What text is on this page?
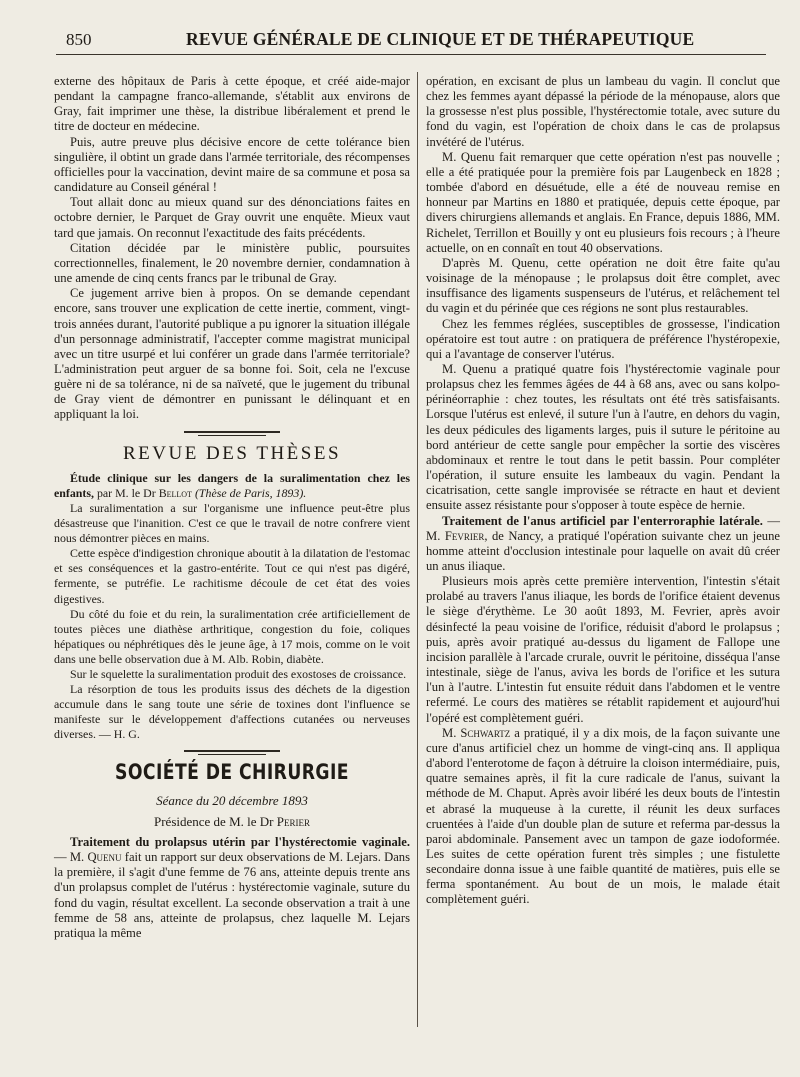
850	REVUE GÉNÉRALE DE CLINIQUE ET DE THÉRAPEUTIQUE

externe des hôpitaux de Paris à cette époque, et créé aide-major pendant la campagne franco-allemande, s'établit aux environs de Gray, fait imprimer une thèse, la distribue libéralement et prend le titre de docteur en médecine.

Puis, autre preuve plus décisive encore de cette tolérance bien singulière, il obtint un grade dans l'armée territoriale, des récompenses officielles pour la vaccination, devint maire de sa commune et posa sa candidature au Conseil général !

Tout allait donc au mieux quand sur des dénonciations faites en octobre dernier, le Parquet de Gray ouvrit une enquête. Mieux vaut tard que jamais. On reconnut l'exactitude des faits précédents.

Citation décidée par le ministère public, poursuites correctionnelles, finalement, le 20 novembre dernier, condamnation à une amende de cinq cents francs par le tribunal de Gray.

Ce jugement arrive bien à propos. On se demande cependant encore, sans trouver une explication de cette inertie, comment, vingt-trois années durant, l'autorité publique a pu ignorer la situation illégale d'un personnage administratif, l'accepter comme magistrat municipal avec un titre usurpé et lui conférer un grade dans l'armée territoriale? L'administration peut arguer de sa bonne foi. Soit, cela ne l'excuse guère ni de sa tolérance, ni de sa naïveté, que le jugement du tribunal de Gray vient de démontrer en punissant le délinquant et en appliquant la loi.

REVUE DES THÈSES

Étude clinique sur les dangers de la suralimentation chez les enfants, par M. le Dr Bellot (Thèse de Paris, 1893).

La suralimentation a sur l'organisme une influence peut-être plus désastreuse que l'inanition. C'est ce que le travail de notre confrere vient nous démontrer pièces en mains.

Cette espèce d'indigestion chronique aboutit à la dilatation de l'estomac et ses conséquences et la gastro-entérite. Tout ce qui n'est pas digéré, fermente, se putréfie. Le rachitisme découle de cet état des voies digestives.

Du côté du foie et du rein, la suralimentation crée artificiellement de toutes pièces une diathèse arthritique, congestion du foie, coliques hépatiques ou néphrétiques dès le jeune âge, à 17 mois, comme on le voit dans une belle observation due à M. Alb. Robin, diabète.

Sur le squelette la suralimentation produit des exostoses de croissance.

La résorption de tous les produits issus des déchets de la digestion accumule dans le sang toute une série de toxines dont l'influence se manifeste sur le développement d'affections cutanées ou nerveuses diverses. — H. G.

SOCIÉTÉ DE CHIRURGIE
Séance du 20 décembre 1893
Présidence de M. le Dr Perier

Traitement du prolapsus utérin par l'hystérectomie vaginale. — M. Quenu fait un rapport sur deux observations de M. Lejars. Dans la première, il s'agit d'une femme de 76 ans, atteinte depuis trente ans d'un prolapsus complet de l'utérus : hystérectomie vaginale, suture du fond du vagin, résultat excellent. La seconde observation a trait à une femme de 58 ans, atteinte de prolapsus, chez laquelle M. Lejars pratiqua la même

opération, en excisant de plus un lambeau du vagin. Il conclut que chez les femmes ayant dépassé la période de la ménopause, alors que la grossesse n'est plus possible, l'hystérectomie totale, avec suture du fond du vagin, est l'opération de choix dans le cas de prolapsus invétéré de l'utérus.

M. Quenu fait remarquer que cette opération n'est pas nouvelle ; elle a été pratiquée pour la première fois par Laugenbeck en 1828 ; tombée d'abord en désuétude, elle a été de nouveau remise en honneur par Martins en 1880 et pratiquée, depuis cette époque, par divers chirurgiens allemands et anglais. En France, depuis 1886, MM. Richelet, Terrillon et Bouilly y ont eu plusieurs fois recours ; à l'heure actuelle, on en connaît en tout 40 observations.

D'après M. Quenu, cette opération ne doit être faite qu'au voisinage de la ménopause ; le prolapsus doit être complet, avec insuffisance des ligaments suspenseurs de l'utérus, et relâchement tel du vagin et du périnée que ces régions ne sont plus restaurables.

Chez les femmes réglées, susceptibles de grossesse, l'indication opératoire est tout autre : on pratiquera de préférence l'hystéropexie, qui a l'avantage de conserver l'utérus.

M. Quenu a pratiqué quatre fois l'hystérectomie vaginale pour prolapsus chez les femmes âgées de 44 à 68 ans, avec ou sans kolpo-périnéorraphie : chez toutes, les résultats ont été très satisfaisants. Lorsque l'utérus est enlevé, il suture l'un à l'autre, en dehors du vagin, les deux pédicules des ligaments larges, puis il suture le péritoine au bord antérieur de cette sangle pour empêcher la sortie des viscères abdominaux et rentre le tout dans le petit bassin. Pour compléter l'opération, il suture ensuite les lambeaux du vagin. Pendant la cicatrisation, cette sangle improvisée se rétracte en haut et devient ensuite assez résistante pour s'opposer à toute espèce de hernie.

Traitement de l'anus artificiel par l'enterroraphie latérale. — M. Fevrier, de Nancy, a pratiqué l'opération suivante chez un jeune homme atteint d'occlusion intestinale pour laquelle on avait dû créer un anus iliaque.

Plusieurs mois après cette première intervention, l'intestin s'était prolabé au travers l'anus iliaque, les bords de l'orifice étaient devenus le siège d'érythème. Le 30 août 1893, M. Fevrier, après avoir désinfecté la peau voisine de l'orifice, réduisit d'abord le prolapsus ; puis, après avoir pratiqué au-dessus du ligament de Fallope une incision parallèle à l'arcade crurale, ouvrit le péritoine, disséqua l'anse intestinale, siège de l'anus, aviva les bords de l'orifice et les sutura l'un à l'autre. L'intestin fut ensuite réduit dans l'abdomen et le ventre refermé. Le cours des matières se rétablit rapidement et aujourd'hui l'opéré est complètement guéri.

M. Schwartz a pratiqué, il y a dix mois, de la façon suivante une cure d'anus artificiel chez un homme de vingt-cinq ans. Il appliqua d'abord l'enterotome de façon à détruire la cloison intermédiaire, puis, quatre semaines après, il fit la cure radicale de l'anus, suivant la méthode de M. Chaput. Après avoir libéré les deux bouts de l'intestin et abrasé la muqueuse à la curette, il réunit les deux surfaces cruentées à l'aide d'un double plan de suture et referma par-dessus la paroi abdominale. Pansement avec un tampon de gaze iodoformée. Les suites de cette opération furent très simples ; une fistulette secondaire donna issue à une faible quantité de matières, puis elle se ferma spontanément. Au bout de un mois, le malade était complètement guéri.
